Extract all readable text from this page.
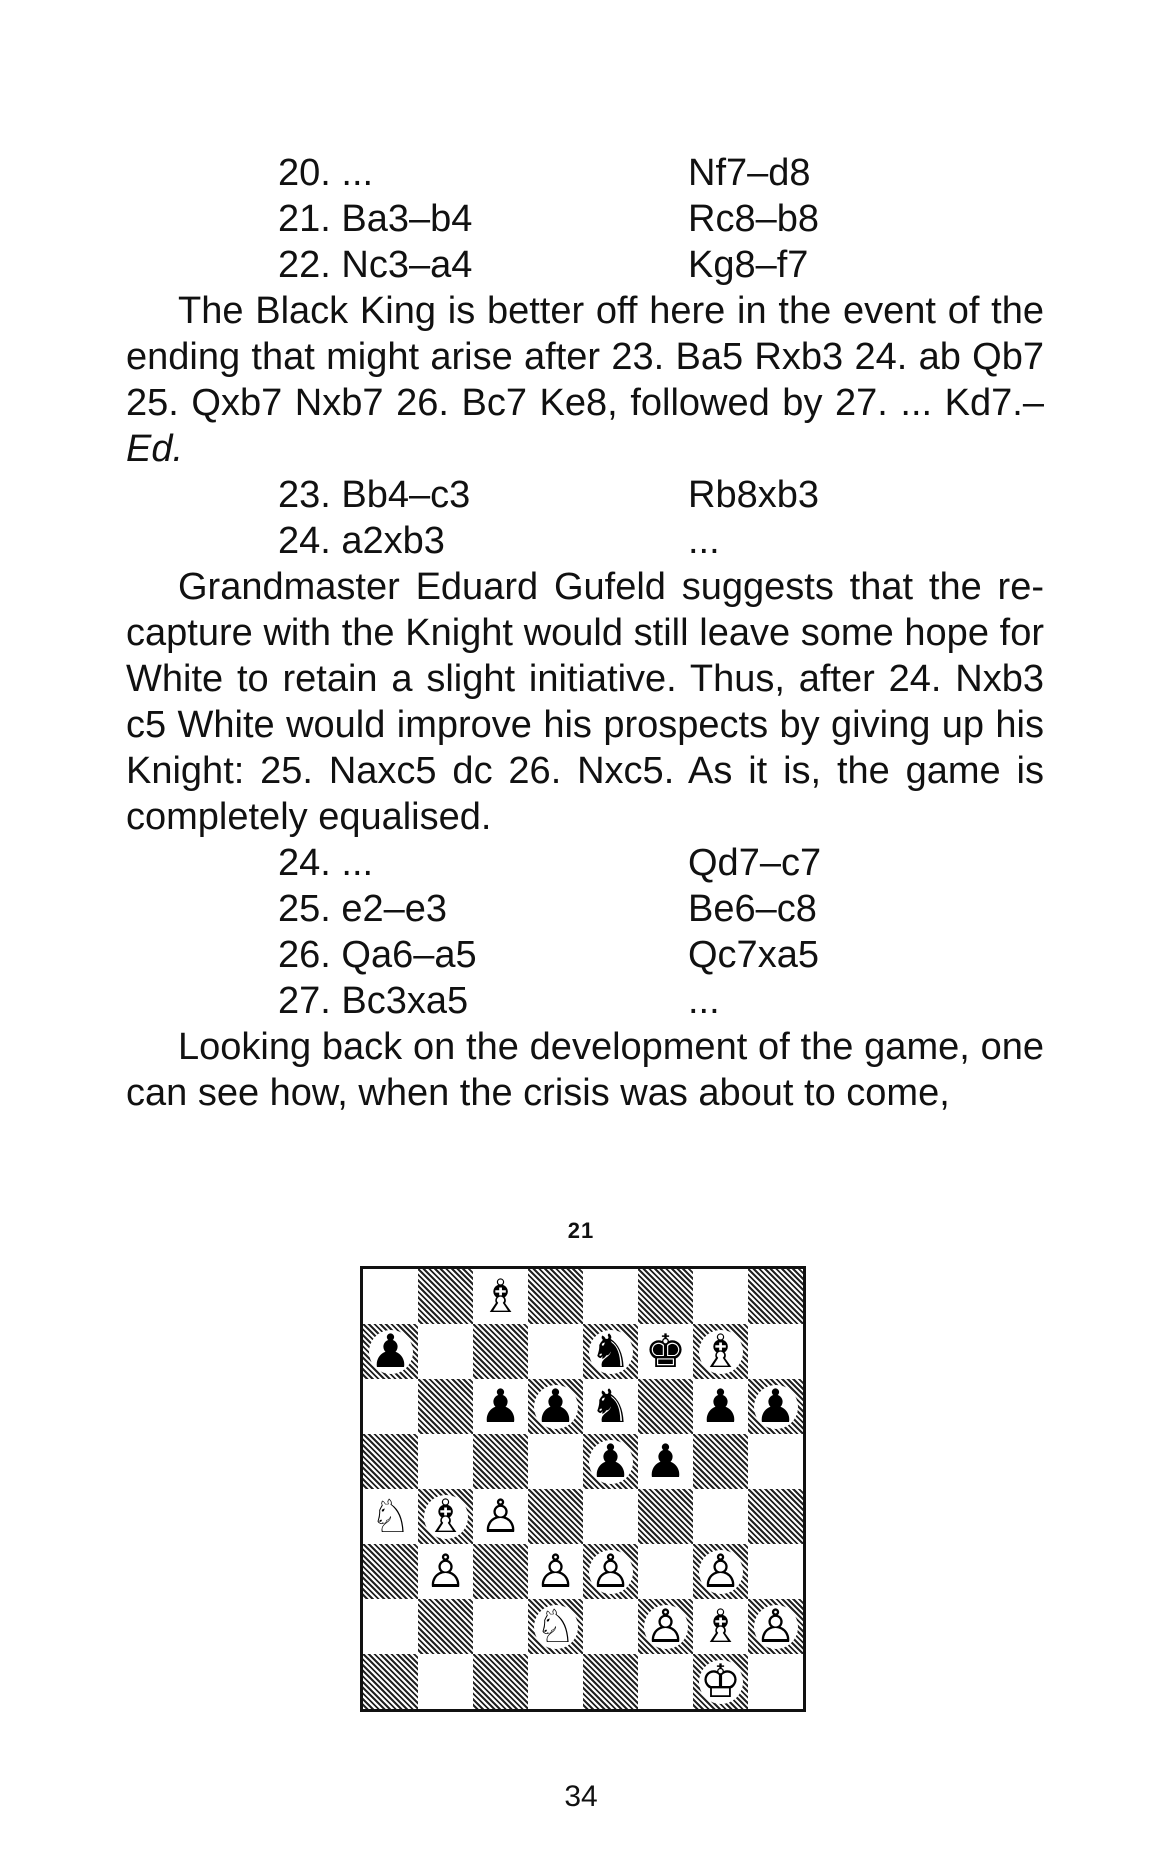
20. ...	Nf7–d8
21. Ba3–b4	Rc8–b8
22. Nc3–a4	Kg8–f7

The Black King is better off here in the event of the ending that might arise after 23. Ba5 Rxb3 24. ab Qb7 25. Qxb7 Nxb7 26. Bc7 Ke8, followed by 27. ... Kd7.–Ed.

23. Bb4–c3	Rb8xb3
24. a2xb3	...

Grandmaster Eduard Gufeld suggests that the re-capture with the Knight would still leave some hope for White to retain a slight initiative. Thus, after 24. Nxb3 c5 White would improve his prospects by giving up his Knight: 25. Naxc5 dc 26. Nxc5. As it is, the game is completely equalised.

24. ...	Qd7–c7
25. e2–e3	Be6–c8
26. Qa6–a5	Qc7xa5
27. Bc3xa5	...

Looking back on the development of the game, one can see how, when the crisis was about to come,

21
♗
♟	♞ ♚ ♗
♟ ♟ ♞ ♟ ♟
♟ ♟
♘ ♗ ♙
♙ ♙ ♙ ♙
♘ ♙ ♗ ♙
♔
34
